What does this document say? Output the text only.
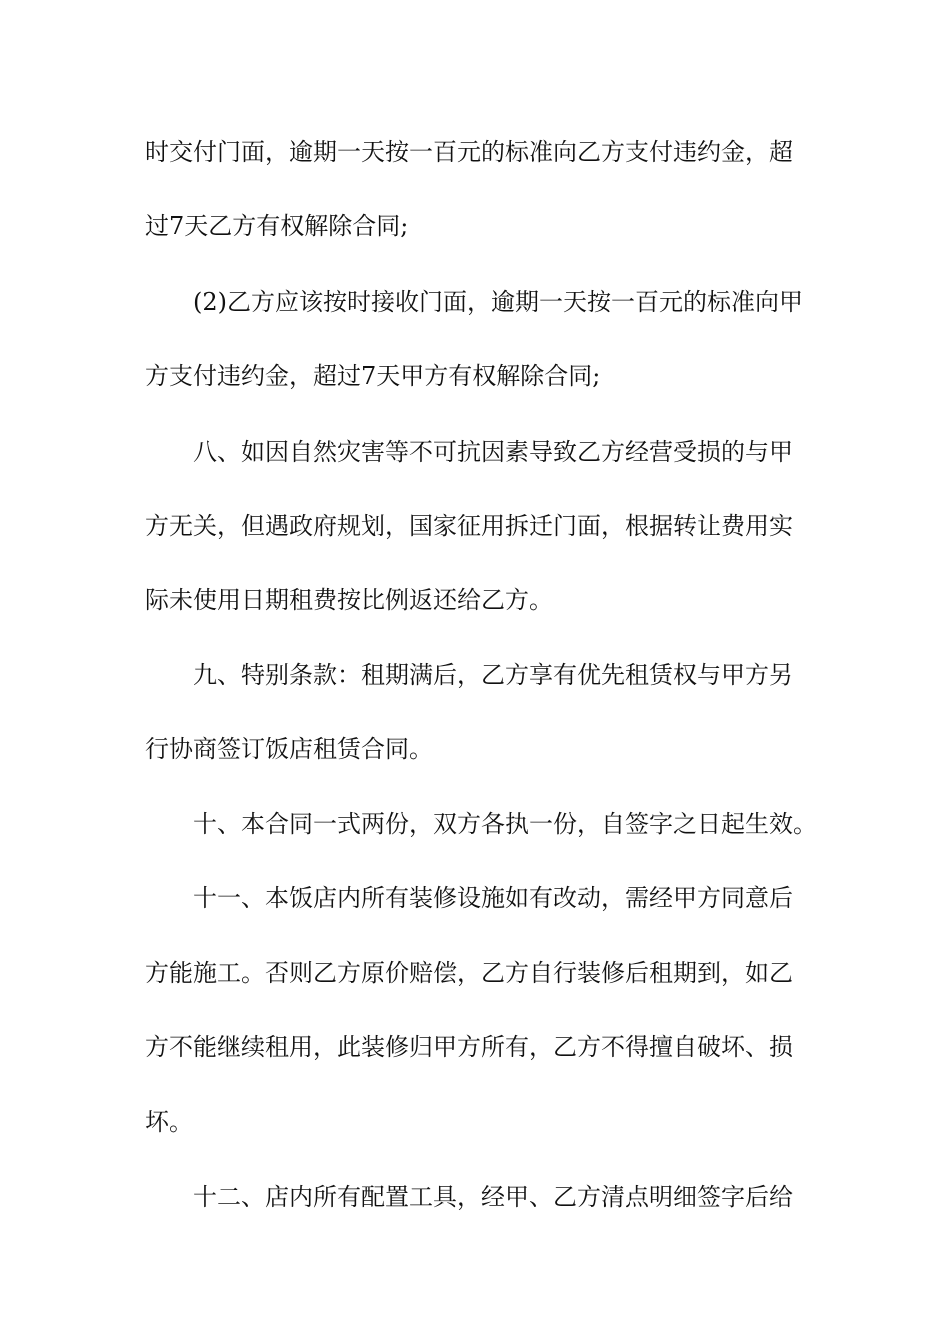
时交付门面，逾期一天按一百元的标准向乙方支付违约金，超
过7天乙方有权解除合同;
(2)乙方应该按时接收门面，逾期一天按一百元的标准向甲
方支付违约金，超过7天甲方有权解除合同;
八、如因自然灾害等不可抗因素导致乙方经营受损的与甲
方无关，但遇政府规划，国家征用拆迁门面，根据转让费用实
际未使用日期租费按比例返还给乙方。
九、特别条款：租期满后，乙方享有优先租赁权与甲方另
行协商签订饭店租赁合同。
十、本合同一式两份，双方各执一份，自签字之日起生效。
十一、本饭店内所有装修设施如有改动，需经甲方同意后
方能施工。否则乙方原价赔偿，乙方自行装修后租期到，如乙
方不能继续租用，此装修归甲方所有，乙方不得擅自破坏、损
坏。
十二、店内所有配置工具，经甲、乙方清点明细签字后给
